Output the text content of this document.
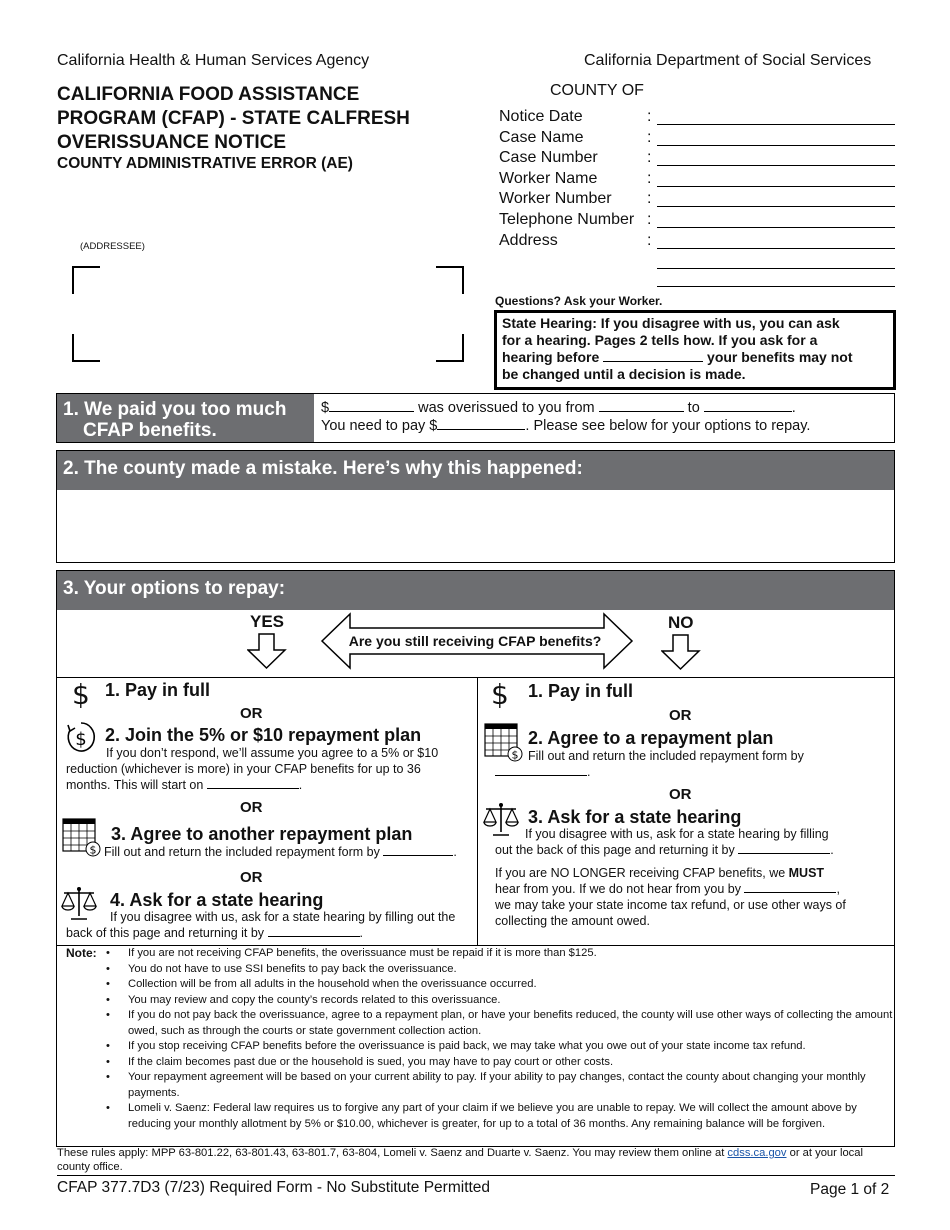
California Health & Human Services Agency	California Department of Social Services
CALIFORNIA FOOD ASSISTANCE
PROGRAM (CFAP) - STATE CALFRESH
OVERISSUANCE NOTICE
COUNTY ADMINISTRATIVE ERROR (AE)
(ADDRESSEE)
COUNTY OF
Notice Date	:
Case Name	:
Case Number	:
Worker Name	:
Worker Number :
Telephone Number :
Address	:
Questions? Ask your Worker.
State Hearing: If you disagree with us, you can ask
for a hearing. Pages 2 tells how. If you ask for a
hearing before	your benefits may not
be changed until a decision is made.
1. We paid you too much
CFAP benefits.
$	was overissued to you from	to	.
You need to pay $	. Please see below for your options to repay.
2. The county made a mistake. Here’s why this happened:
3. Your options to repay:
YES	NO
Are you still receiving CFAP benefits?
$ 1. Pay in full
OR
$ 2. Join the 5% or $10 repayment plan
If you don’t respond, we’ll assume you agree to a 5% or $10
reduction (whichever is more) in your CFAP benefits for up to 36
months. This will start on	.
OR
$
3. Agree to another repayment plan
Fill out and return the included repayment form by	.
OR
4. Ask for a state hearing
If you disagree with us, ask for a state hearing by filling out the
back of this page and returning it by	.
$ 1. Pay in full
OR
$
2. Agree to a repayment plan
Fill out and return the included repayment form by
.
OR
3. Ask for a state hearing
If you disagree with us, ask for a state hearing by filling
out the back of this page and returning it by	.
If you are NO LONGER receiving CFAP benefits, we MUST
hear from you. If we do not hear from you by	,
we may take your state income tax refund, or use other ways of
collecting the amount owed.
Note: • If you are not receiving CFAP benefits, the overissuance must be repaid if it is more than $125.
• You do not have to use SSI benefits to pay back the overissuance.
• Collection will be from all adults in the household when the overissuance occurred.
• You may review and copy the county’s records related to this overissuance.
• If you do not pay back the overissuance, agree to a repayment plan, or have your benefits reduced, the county will use other ways of collecting the amount owed, such as through the courts or state government collection action.
• If you stop receiving CFAP benefits before the overissuance is paid back, we may take what you owe out of your state income tax refund.
• If the claim becomes past due or the household is sued, you may have to pay court or other costs.
• Your repayment agreement will be based on your current ability to pay. If your ability to pay changes, contact the county about changing your monthly payments.
• Lomeli v. Saenz: Federal law requires us to forgive any part of your claim if we believe you are unable to repay. We will collect the amount above by reducing your monthly allotment by 5% or $10.00, whichever is greater, for up to a total of 36 months. Any remaining balance will be forgiven.
These rules apply: MPP 63-801.22, 63-801.43, 63-801.7, 63-804, Lomeli v. Saenz and Duarte v. Saenz. You may review them online at cdss.ca.gov or at your local county office.
CFAP 377.7D3 (7/23) Required Form - No Substitute Permitted	Page 1 of 2
